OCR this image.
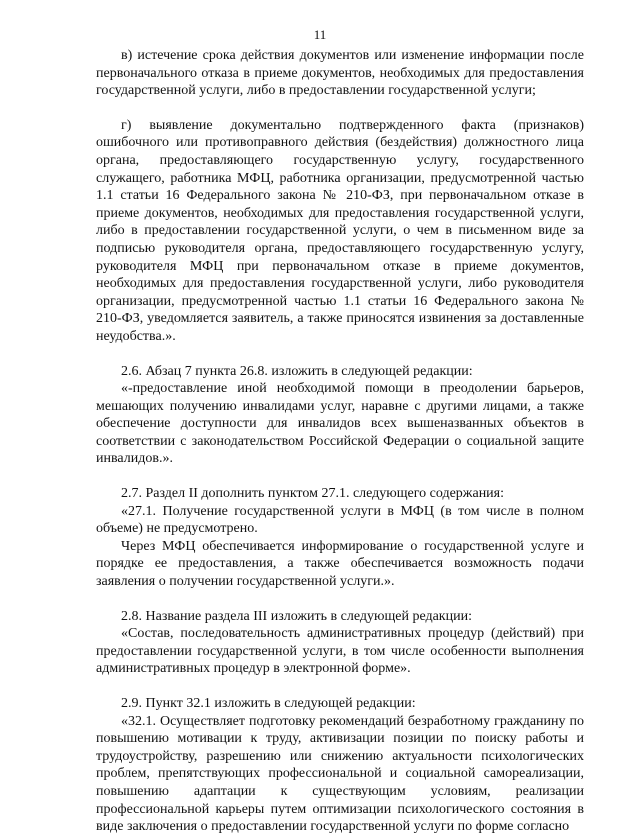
11

в) истечение срока действия документов или изменение информации после первоначального отказа в приеме документов, необходимых для предоставления государственной услуги, либо в предоставлении государственной услуги;

г) выявление документально подтвержденного факта (признаков) ошибочного или противоправного действия (бездействия) должностного лица органа, предоставляющего государственную услугу, государственного служащего, работника МФЦ, работника организации, предусмотренной частью 1.1 статьи 16 Федерального закона № 210-ФЗ, при первоначальном отказе в приеме документов, необходимых для предоставления государственной услуги, либо в предоставлении государственной услуги, о чем в письменном виде за подписью руководителя органа, предоставляющего государственную услугу, руководителя МФЦ при первоначальном отказе в приеме документов, необходимых для предоставления государственной услуги, либо руководителя организации, предусмотренной частью 1.1 статьи 16 Федерального закона № 210-ФЗ, уведомляется заявитель, а также приносятся извинения за доставленные неудобства.».

2.6. Абзац 7 пункта 26.8. изложить в следующей редакции:

«-предоставление иной необходимой помощи в преодолении барьеров, мешающих получению инвалидами услуг, наравне с другими лицами, а также обеспечение доступности для инвалидов всех вышеназванных объектов в соответствии с законодательством Российской Федерации о социальной защите инвалидов.».

2.7. Раздел II дополнить пунктом 27.1. следующего содержания:

«27.1. Получение государственной услуги в МФЦ (в том числе в полном объеме) не предусмотрено.

Через МФЦ обеспечивается информирование о государственной услуге и порядке ее предоставления, а также обеспечивается возможность подачи заявления о получении государственной услуги.».

2.8. Название раздела III изложить в следующей редакции:

«Состав, последовательность административных процедур (действий) при предоставлении государственной услуги, в том числе особенности выполнения административных процедур в электронной форме».

2.9. Пункт 32.1 изложить в следующей редакции:

«32.1. Осуществляет подготовку рекомендаций безработному гражданину по повышению мотивации к труду, активизации позиции по поиску работы и трудоустройству, разрешению или снижению актуальности психологических проблем, препятствующих профессиональной и социальной самореализации, повышению адаптации к существующим условиям, реализации профессиональной карьеры путем оптимизации психологического состояния в виде заключения о предоставлении государственной услуги по форме согласно
